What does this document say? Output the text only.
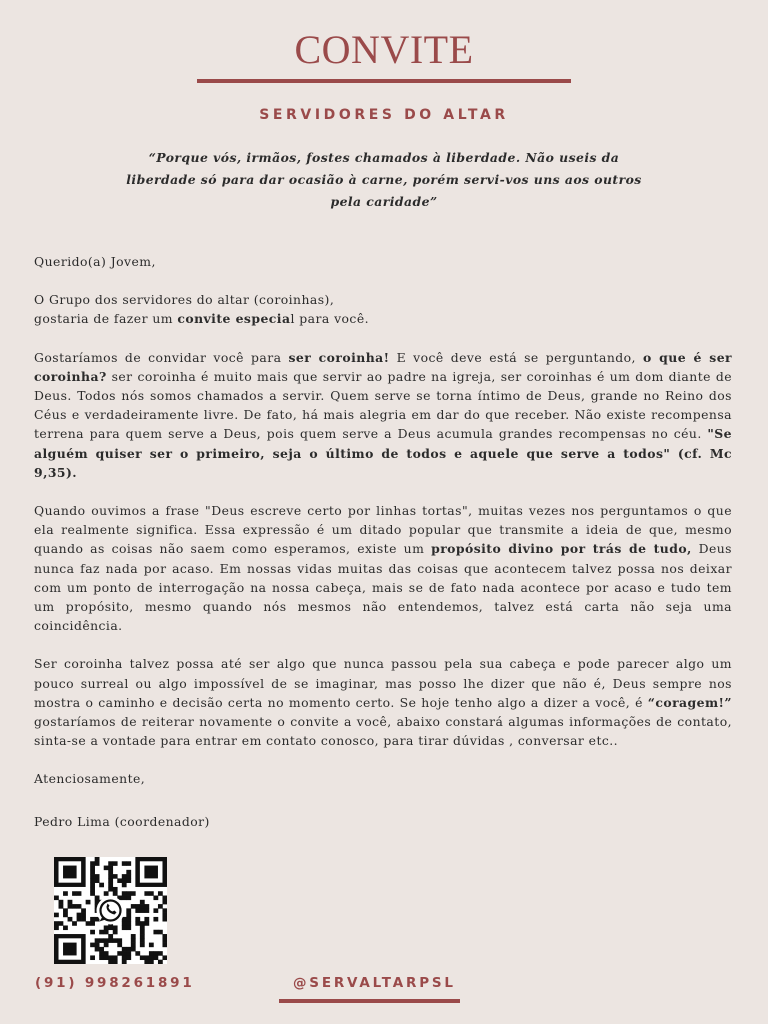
CONVITE
SERVIDORES DO ALTAR
“Porque vós, irmãos, fostes chamados à liberdade. Não useis da liberdade só para dar ocasião à carne, porém servi-vos uns aos outros pela caridade”

Querido(a) Jovem,

O Grupo dos servidores do altar (coroinhas),
gostaria de fazer um convite especial para você.

Gostaríamos de convidar você para ser coroinha! E você deve está se perguntando, o que é ser coroinha? ser coroinha é muito mais que servir ao padre na igreja, ser coroinhas é um dom diante de Deus. Todos nós somos chamados a servir. Quem serve se torna íntimo de Deus, grande no Reino dos Céus e verdadeiramente livre. De fato, há mais alegria em dar do que receber. Não existe recompensa terrena para quem serve a Deus, pois quem serve a Deus acumula grandes recompensas no céu. "Se alguém quiser ser o primeiro, seja o último de todos e aquele que serve a todos" (cf. Mc 9,35).

Quando ouvimos a frase "Deus escreve certo por linhas tortas", muitas vezes nos perguntamos o que ela realmente significa. Essa expressão é um ditado popular que transmite a ideia de que, mesmo quando as coisas não saem como esperamos, existe um propósito divino por trás de tudo, Deus nunca faz nada por acaso. Em nossas vidas muitas das coisas que acontecem talvez possa nos deixar com um ponto de interrogação na nossa cabeça, mais se de fato nada acontece por acaso e tudo tem um propósito, mesmo quando nós mesmos não entendemos, talvez está carta não seja uma coincidência.

Ser coroinha talvez possa até ser algo que nunca passou pela sua cabeça e pode parecer algo um pouco surreal ou algo impossível de se imaginar, mas posso lhe dizer que não é, Deus sempre nos mostra o caminho e decisão certa no momento certo. Se hoje tenho algo a dizer a você, é “coragem!” gostaríamos de reiterar novamente o convite a você, abaixo constará algumas informações de contato, sinta-se a vontade para entrar em contato conosco, para tirar dúvidas , conversar etc..

Atenciosamente,

Pedro Lima (coordenador)

(91) 998261891	@SERVALTARPSL
